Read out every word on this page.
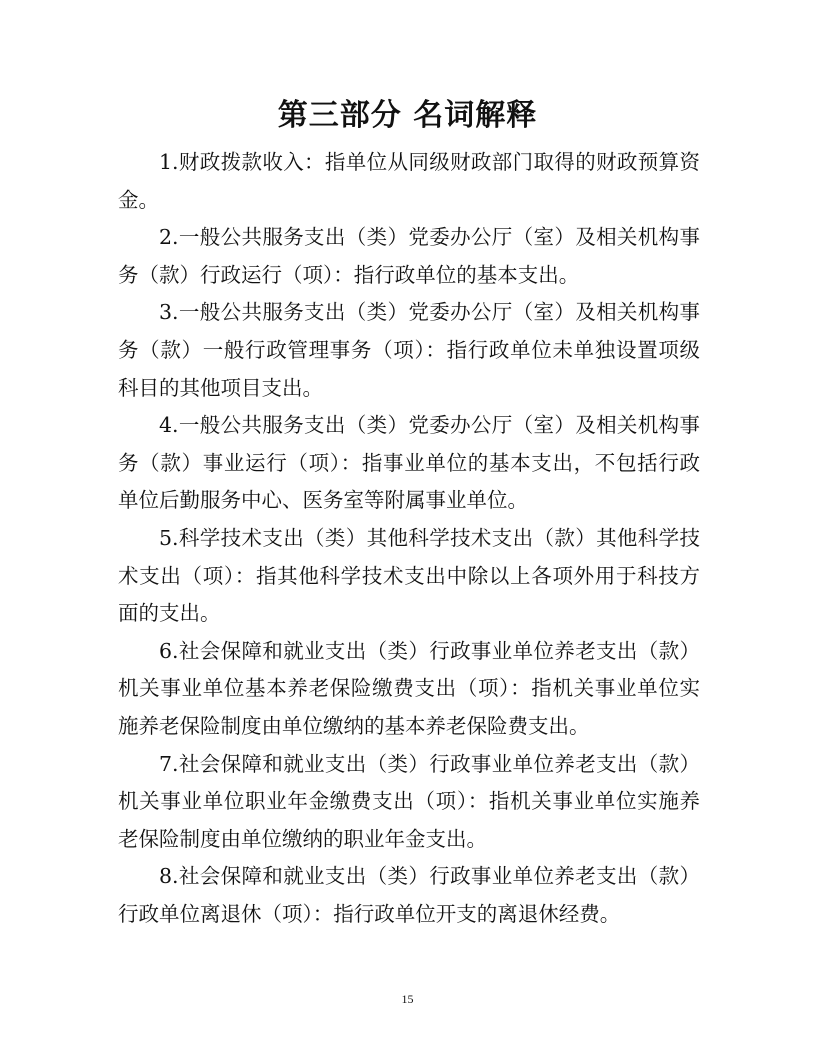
第三部分 名词解释

1.财政拨款收入：指单位从同级财政部门取得的财政预算资金。

2.一般公共服务支出（类）党委办公厅（室）及相关机构事务（款）行政运行（项）：指行政单位的基本支出。

3.一般公共服务支出（类）党委办公厅（室）及相关机构事务（款）一般行政管理事务（项）：指行政单位未单独设置项级科目的其他项目支出。

4.一般公共服务支出（类）党委办公厅（室）及相关机构事务（款）事业运行（项）：指事业单位的基本支出，不包括行政单位后勤服务中心、医务室等附属事业单位。

5.科学技术支出（类）其他科学技术支出（款）其他科学技术支出（项）：指其他科学技术支出中除以上各项外用于科技方面的支出。

6.社会保障和就业支出（类）行政事业单位养老支出（款）机关事业单位基本养老保险缴费支出（项）：指机关事业单位实施养老保险制度由单位缴纳的基本养老保险费支出。

7.社会保障和就业支出（类）行政事业单位养老支出（款）机关事业单位职业年金缴费支出（项）：指机关事业单位实施养老保险制度由单位缴纳的职业年金支出。

8.社会保障和就业支出（类）行政事业单位养老支出（款）行政单位离退休（项）：指行政单位开支的离退休经费。

15
